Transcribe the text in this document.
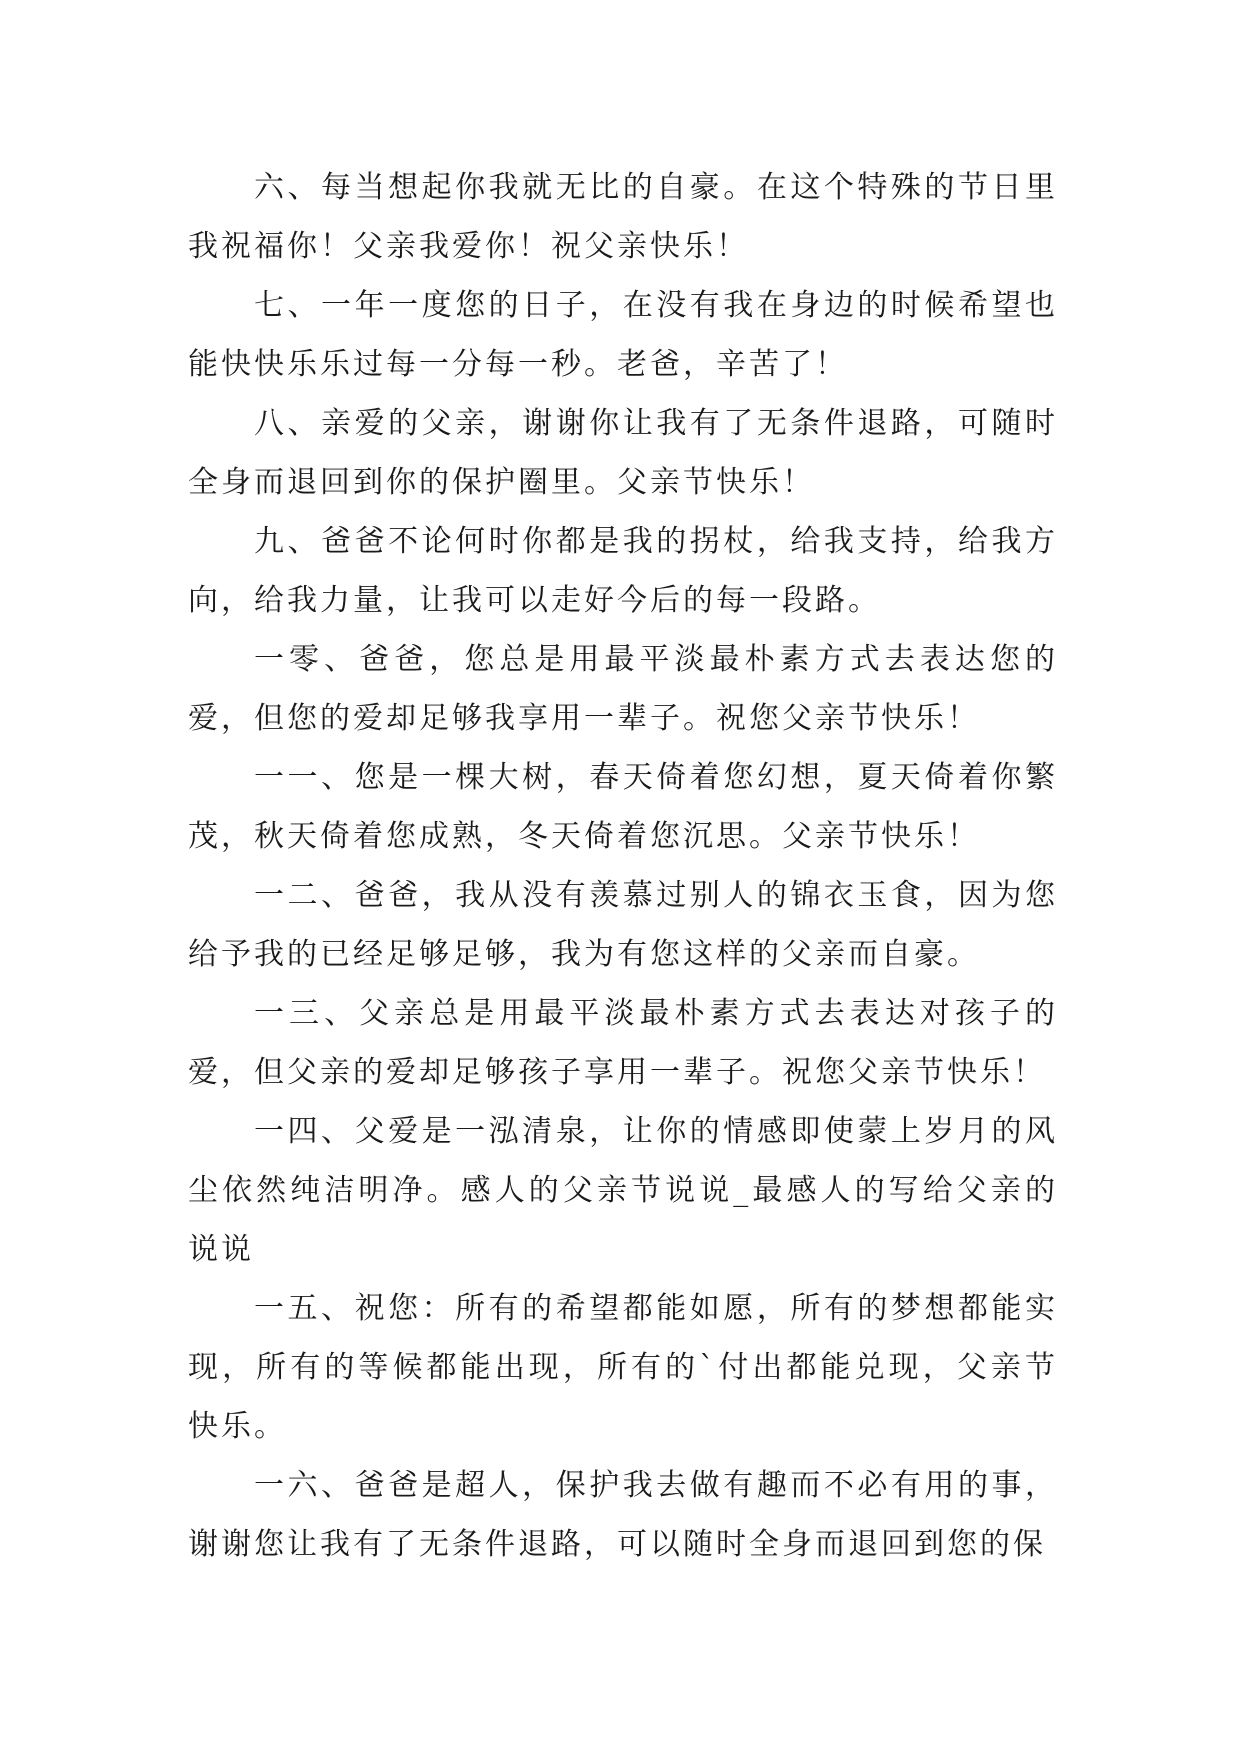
六、每当想起你我就无比的自豪。在这个特殊的节日里我祝福你！父亲我爱你！祝父亲快乐！

七、一年一度您的日子，在没有我在身边的时候希望也能快快乐乐过每一分每一秒。老爸，辛苦了！

八、亲爱的父亲，谢谢你让我有了无条件退路，可随时全身而退回到你的保护圈里。父亲节快乐！

九、爸爸不论何时你都是我的拐杖，给我支持，给我方向，给我力量，让我可以走好今后的每一段路。

一零、爸爸，您总是用最平淡最朴素方式去表达您的爱，但您的爱却足够我享用一辈子。祝您父亲节快乐！

一一、您是一棵大树，春天倚着您幻想，夏天倚着你繁茂，秋天倚着您成熟，冬天倚着您沉思。父亲节快乐！

一二、爸爸，我从没有羡慕过别人的锦衣玉食，因为您给予我的已经足够足够，我为有您这样的父亲而自豪。

一三、父亲总是用最平淡最朴素方式去表达对孩子的爱，但父亲的爱却足够孩子享用一辈子。祝您父亲节快乐！

一四、父爱是一泓清泉，让你的情感即使蒙上岁月的风尘依然纯洁明净。感人的父亲节说说_最感人的写给父亲的说说

一五、祝您：所有的希望都能如愿，所有的梦想都能实现，所有的等候都能出现，所有的`付出都能兑现，父亲节快乐。

一六、爸爸是超人，保护我去做有趣而不必有用的事，谢谢您让我有了无条件退路，可以随时全身而退回到您的保
